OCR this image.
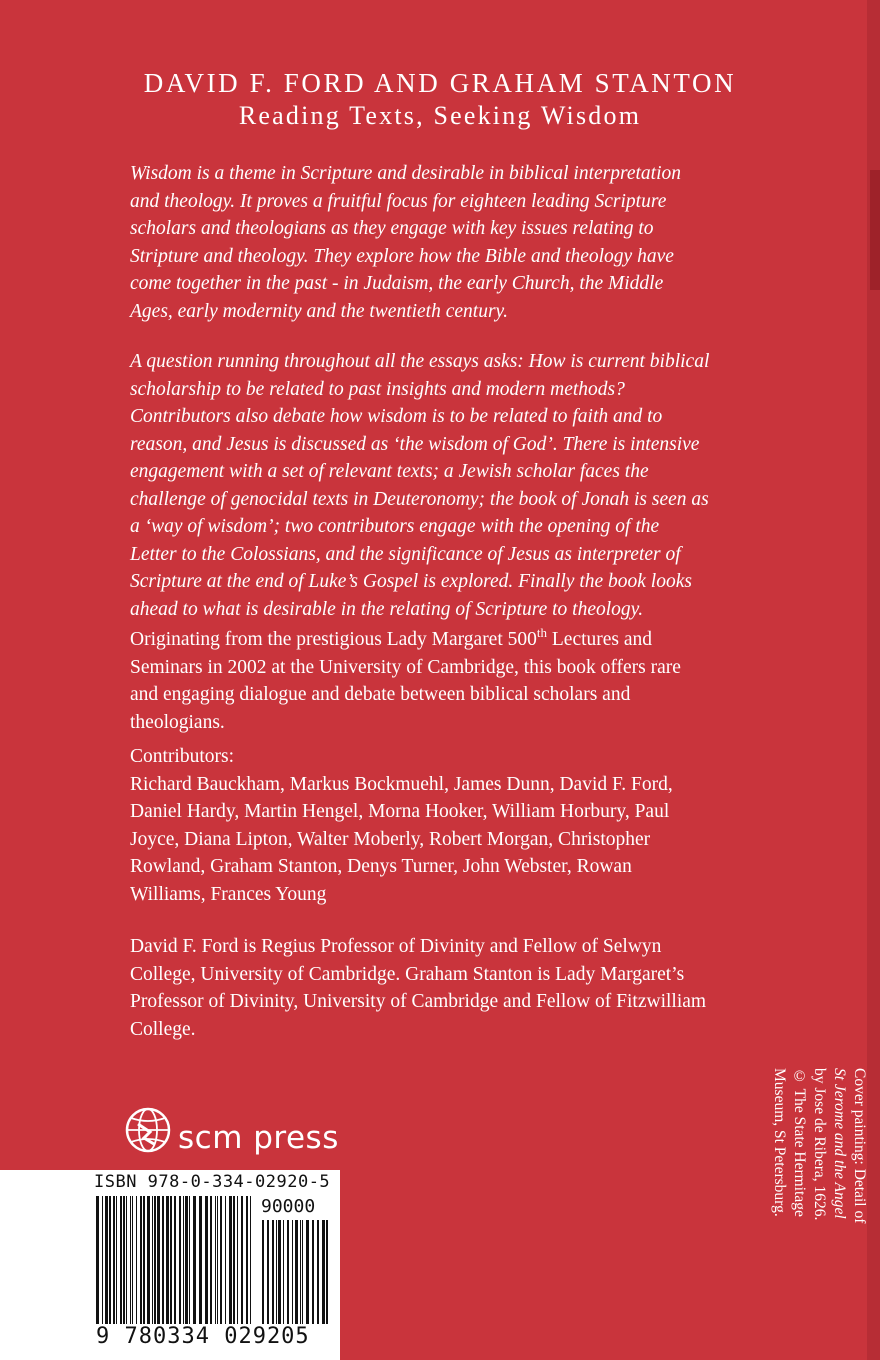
DAVID F. FORD AND GRAHAM STANTON

Reading Texts, Seeking Wisdom

Wisdom is a theme in Scripture and desirable in biblical interpretation and theology. It proves a fruitful focus for eighteen leading Scripture scholars and theologians as they engage with key issues relating to Stripture and theology. They explore how the Bible and theology have come together in the past - in Judaism, the early Church, the Middle Ages, early modernity and the twentieth century.

A question running throughout all the essays asks: How is current biblical scholarship to be related to past insights and modern methods? Contributors also debate how wisdom is to be related to faith and to reason, and Jesus is discussed as ‘the wisdom of God’. There is intensive engagement with a set of relevant texts; a Jewish scholar faces the challenge of genocidal texts in Deuteronomy; the book of Jonah is seen as a ‘way of wisdom’; two contributors engage with the opening of the Letter to the Colossians, and the significance of Jesus as interpreter of Scripture at the end of Luke’s Gospel is explored. Finally the book looks ahead to what is desirable in the relating of Scripture to theology.

Originating from the prestigious Lady Margaret 500th Lectures and Seminars in 2002 at the University of Cambridge, this book offers rare and engaging dialogue and debate between biblical scholars and theologians.

Contributors:
Richard Bauckham, Markus Bockmuehl, James Dunn, David F. Ford, Daniel Hardy, Martin Hengel, Morna Hooker, William Horbury, Paul Joyce, Diana Lipton, Walter Moberly, Robert Morgan, Christopher Rowland, Graham Stanton, Denys Turner, John Webster, Rowan Williams, Frances Young

David F. Ford is Regius Professor of Divinity and Fellow of Selwyn College, University of Cambridge. Graham Stanton is Lady Margaret’s Professor of Divinity, University of Cambridge and Fellow of Fitzwilliam College.

Cover painting: Detail of St Jerome and the Angel by Jose de Ribera, 1626. © The State Hermitage Museum, St Petersburg.
scm press
ISBN 978-0-334-02920-5
90000
9 780334 029205
